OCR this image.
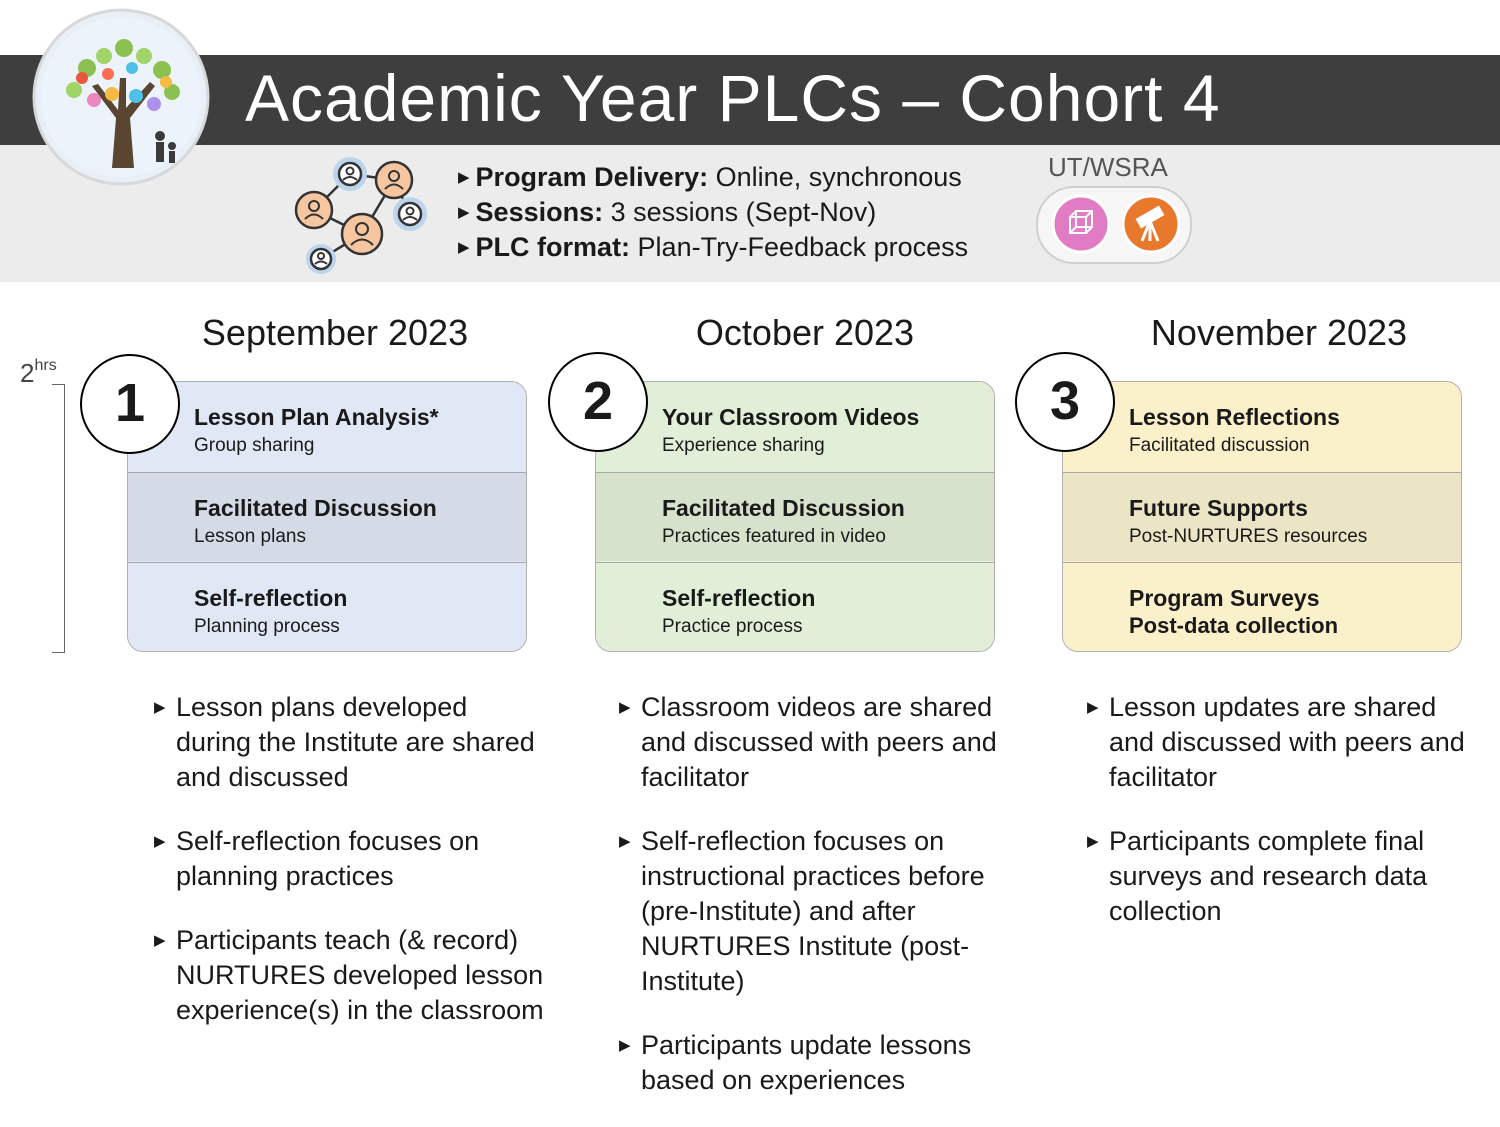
Academic Year PLCs – Cohort 4
▶ Program Delivery: Online, synchronous
▶ Sessions: 3 sessions (Sept-Nov)
▶ PLC format: Plan-Try-Feedback process
UT/WSRA
$2^{hrs}$
September 2023
Lesson Plan Analysis*
Group sharing
Facilitated Discussion
Lesson plans
Self-reflection
Planning process
1
▶ Lesson plans developed during the Institute are shared and discussed
▶ Self-reflection focuses on planning practices
▶ Participants teach (& record) NURTURES developed lesson experience(s) in the classroom
October 2023
Your Classroom Videos
Experience sharing
Facilitated Discussion
Practices featured in video
Self-reflection
Practice process
2
▶ Classroom videos are shared and discussed with peers and facilitator
▶ Self-reflection focuses on instructional practices before (pre-Institute) and after NURTURES Institute (post-Institute)
▶ Participants update lessons based on experiences
November 2023
Lesson Reflections
Facilitated discussion
Future Supports
Post-NURTURES resources
Program Surveys
Post-data collection
3
▶ Lesson updates are shared and discussed with peers and facilitator
▶ Participants complete final surveys and research data collection
